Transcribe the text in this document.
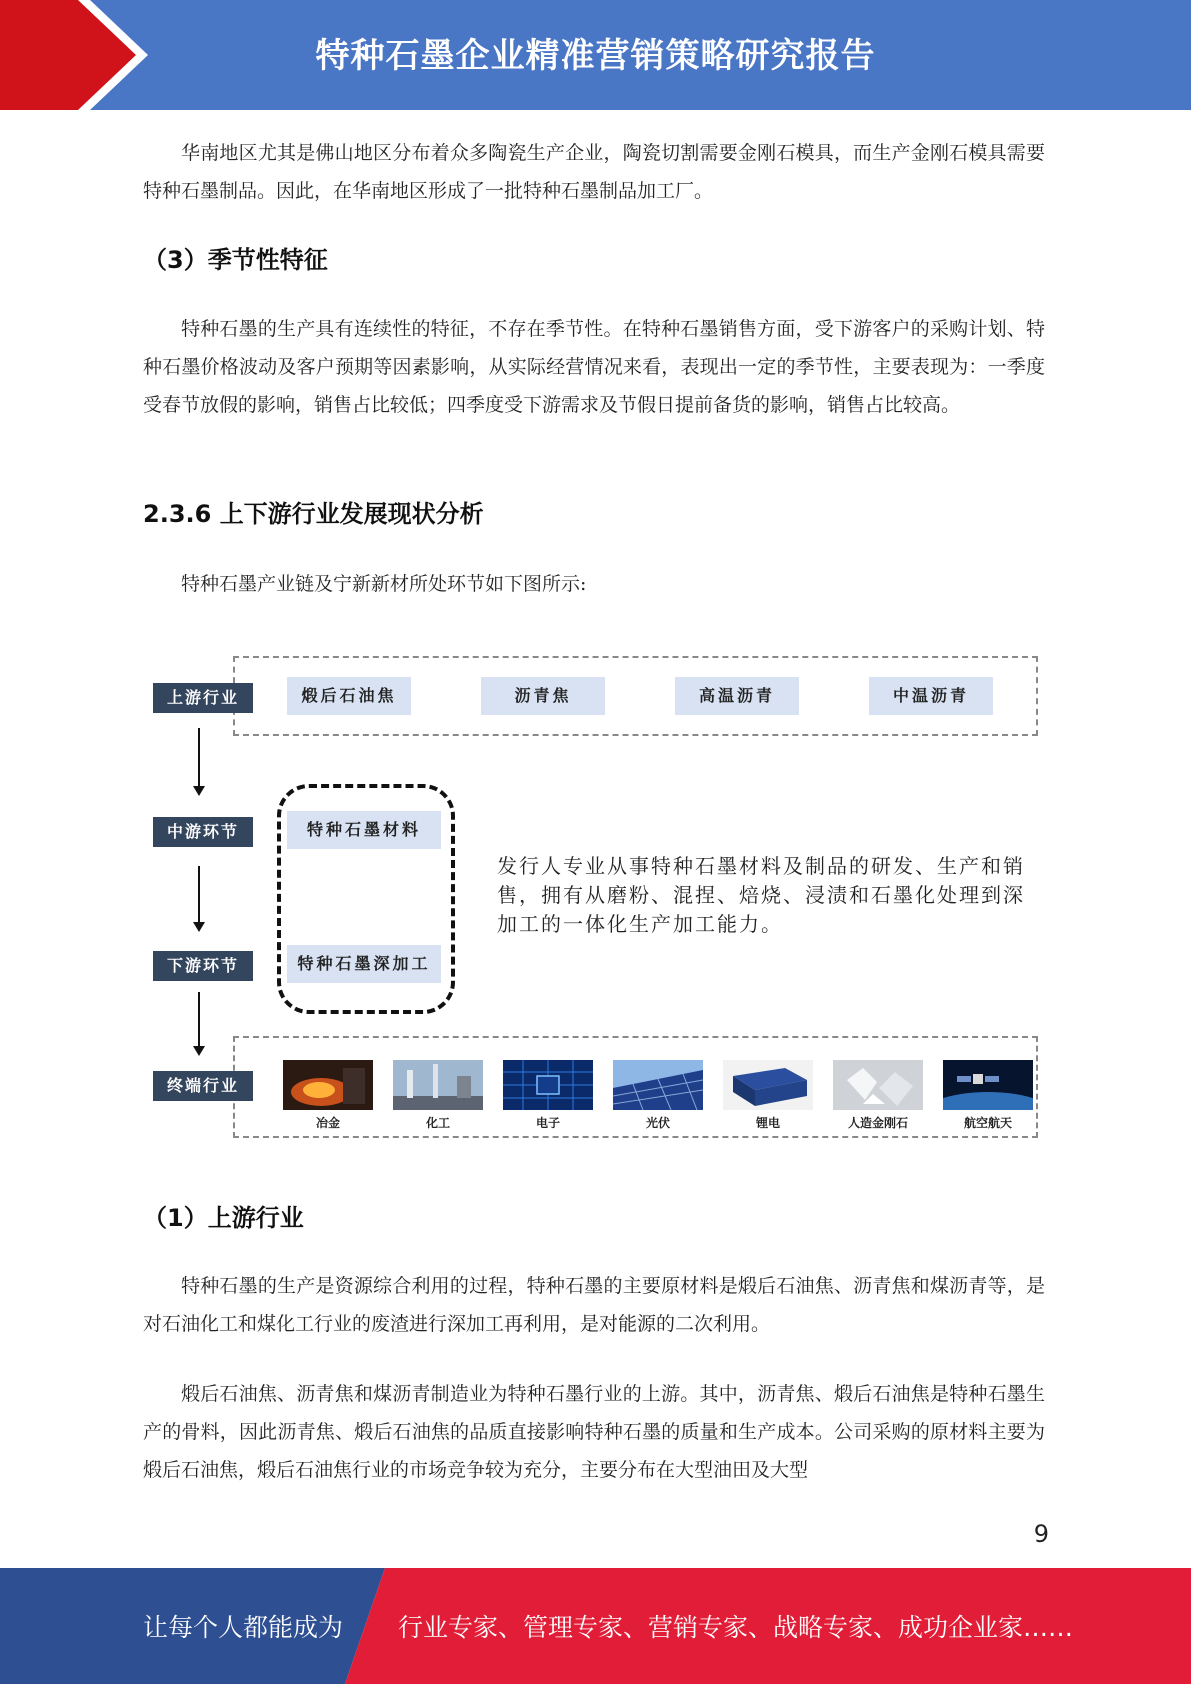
特种石墨企业精准营销策略研究报告
华南地区尤其是佛山地区分布着众多陶瓷生产企业，陶瓷切割需要金刚石模具，而生产金刚石模具需要特种石墨制品。因此，在华南地区形成了一批特种石墨制品加工厂。
（3）季节性特征
特种石墨的生产具有连续性的特征，不存在季节性。在特种石墨销售方面，受下游客户的采购计划、特种石墨价格波动及客户预期等因素影响，从实际经营情况来看，表现出一定的季节性，主要表现为：一季度受春节放假的影响，销售占比较低；四季度受下游需求及节假日提前备货的影响，销售占比较高。
2.3.6 上下游行业发展现状分析
特种石墨产业链及宁新新材所处环节如下图所示:
上游行业
中游环节
下游环节
终端行业
煅后石油焦	沥青焦	高温沥青	中温沥青
特种石墨材料
特种石墨深加工
发行人专业从事特种石墨材料及制品的研发、生产和销售，拥有从磨粉、混捏、焙烧、浸渍和石墨化处理到深加工的一体化生产加工能力。
冶金	化工	电子	光伏	锂电	人造金刚石	航空航天
（1）上游行业
特种石墨的生产是资源综合利用的过程，特种石墨的主要原材料是煅后石油焦、沥青焦和煤沥青等，是对石油化工和煤化工行业的废渣进行深加工再利用，是对能源的二次利用。
煅后石油焦、沥青焦和煤沥青制造业为特种石墨行业的上游。其中，沥青焦、煅后石油焦是特种石墨生产的骨料，因此沥青焦、煅后石油焦的品质直接影响特种石墨的质量和生产成本。公司采购的原材料主要为煅后石油焦，煅后石油焦行业的市场竞争较为充分，主要分布在大型油田及大型
9
让每个人都能成为 行业专家、管理专家、营销专家、战略专家、成功企业家……
